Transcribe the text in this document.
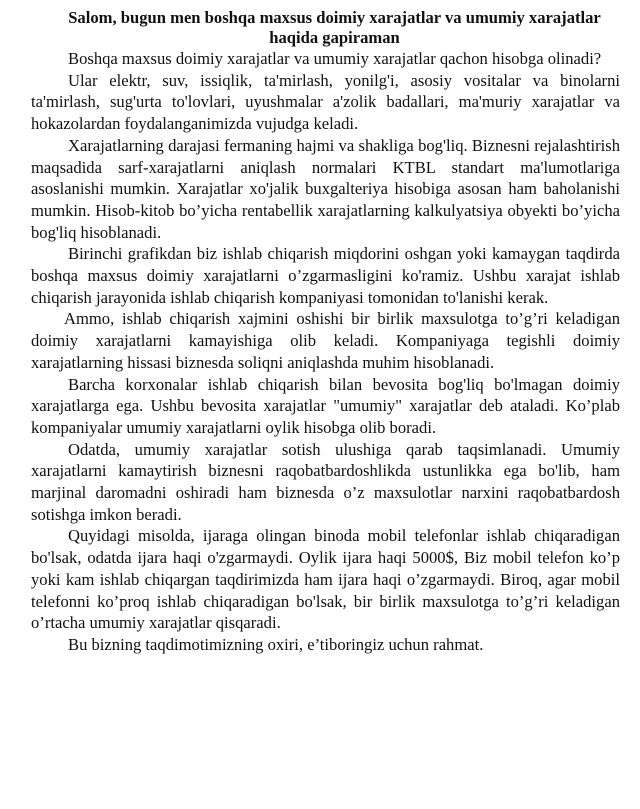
Salom, bugun men boshqa maxsus doimiy xarajatlar va umumiy xarajatlar haqida gapiraman

Boshqa maxsus doimiy xarajatlar va umumiy xarajatlar qachon hisobga olinadi?

Ular elektr, suv, issiqlik, ta'mirlash, yonilg'i, asosiy vositalar va binolarni ta'mirlash, sug'urta to'lovlari, uyushmalar a'zolik badallari, ma'muriy xarajatlar va hokazolardan foydalanganimizda vujudga keladi.

Xarajatlarning darajasi fermaning hajmi va shakliga bog'liq. Biznesni rejalashtirish maqsadida sarf-xarajatlarni aniqlash normalari KTBL standart ma'lumotlariga asoslanishi mumkin. Xarajatlar xo'jalik buxgalteriya hisobiga asosan ham baholanishi mumkin. Hisob-kitob bo’yicha rentabellik xarajatlarning kalkulyatsiya obyekti bo’yicha bog'liq hisoblanadi.

Birinchi grafikdan biz ishlab chiqarish miqdorini oshgan yoki kamaygan taqdirda boshqa maxsus doimiy xarajatlarni o’zgarmasligini ko'ramiz. Ushbu xarajat ishlab chiqarish jarayonida ishlab chiqarish kompaniyasi tomonidan to'lanishi kerak.

Ammo, ishlab chiqarish xajmini oshishi bir birlik maxsulotga to’g’ri keladigan doimiy xarajatlarni kamayishiga olib keladi. Kompaniyaga tegishli doimiy xarajatlarning hissasi biznesda soliqni aniqlashda muhim hisoblanadi.

Barcha korxonalar ishlab chiqarish bilan bevosita bog'liq bo'lmagan doimiy xarajatlarga ega. Ushbu bevosita xarajatlar "umumiy" xarajatlar deb ataladi. Ko’plab kompaniyalar umumiy xarajatlarni oylik hisobga olib boradi.

Odatda, umumiy xarajatlar sotish ulushiga qarab taqsimlanadi. Umumiy xarajatlarni kamaytirish biznesni raqobatbardoshlikda ustunlikka ega bo'lib, ham marjinal daromadni oshiradi ham biznesda o’z maxsulotlar narxini raqobatbardosh sotishga imkon beradi.

Quyidagi misolda, ijaraga olingan binoda mobil telefonlar ishlab chiqaradigan bo'lsak, odatda ijara haqi o'zgarmaydi. Oylik ijara haqi 5000$, Biz mobil telefon ko’p yoki kam ishlab chiqargan taqdirimizda ham ijara haqi o’zgarmaydi. Biroq, agar mobil telefonni ko’proq ishlab chiqaradigan bo'lsak, bir birlik maxsulotga to’g’ri keladigan o’rtacha umumiy xarajatlar qisqaradi.

Bu bizning taqdimotimizning oxiri, e’tiboringiz uchun rahmat.
